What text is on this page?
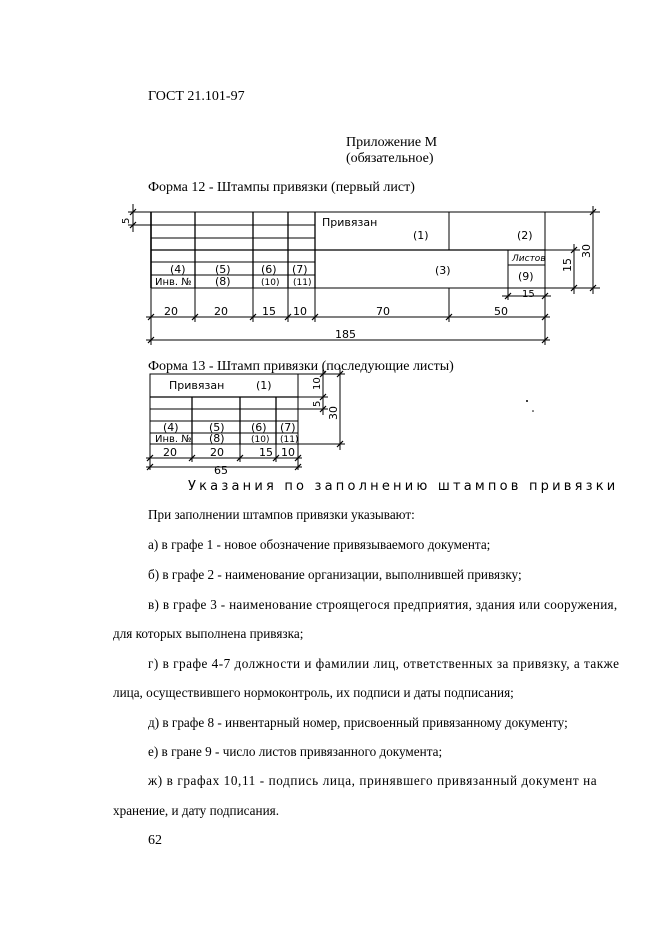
ГОСТ 21.101-97
Приложение М
(обязательное)
Форма 12 - Штампы привязки (первый лист)
Привязан
(1)	(2)
(3)
(4)	(5)	(6) (7)
Инв. № (8)	(10) (11)
Листов
(9)
5
30
15
15
20	20	15 10	70	50
185
Форма 13 - Штамп привязки (последующие листы)
Привязан	(1)
(4)	(5) (6) (7)
Инв. № (8)	(10) (11)
10
5
30
20	20	15 10
65
Указания по заполнению штампов привязки
При заполнении штампов привязки указывают:
а) в графе 1 - новое обозначение привязываемого документа;
б) в графе 2 - наименование организации, выполнившей привязку;
в) в графе 3 - наименование строящегося предприятия, здания или сооружения,
для которых выполнена привязка;
г) в графе 4-7 должности и фамилии лиц, ответственных за привязку, а также
лица, осуществившего нормоконтроль, их подписи и даты подписания;
д) в графе 8 - инвентарный номер, присвоенный привязанному документу;
е) в гране 9 - число листов привязанного документа;
ж) в графах 10,11 - подпись лица, принявшего привязанный документ на
хранение, и дату подписания.
62
